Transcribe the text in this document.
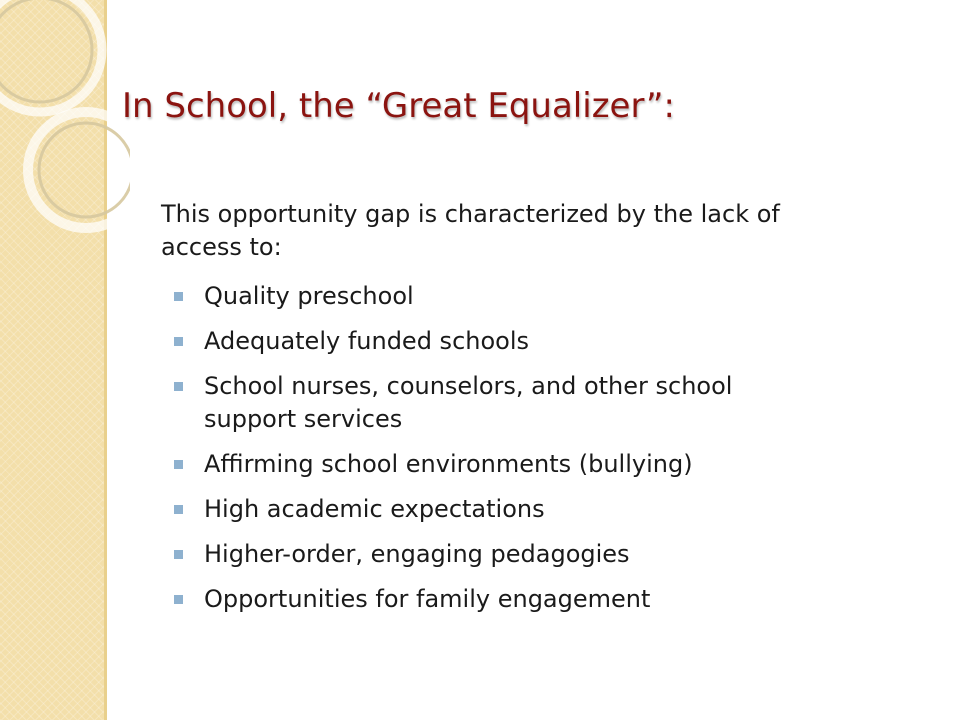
In School, the “Great Equalizer”:

This opportunity gap is characterized by the lack of access to:

Quality preschool
Adequately funded schools
School nurses, counselors, and other school support services
Affirming school environments (bullying)
High academic expectations
Higher-order, engaging pedagogies
Opportunities for family engagement
